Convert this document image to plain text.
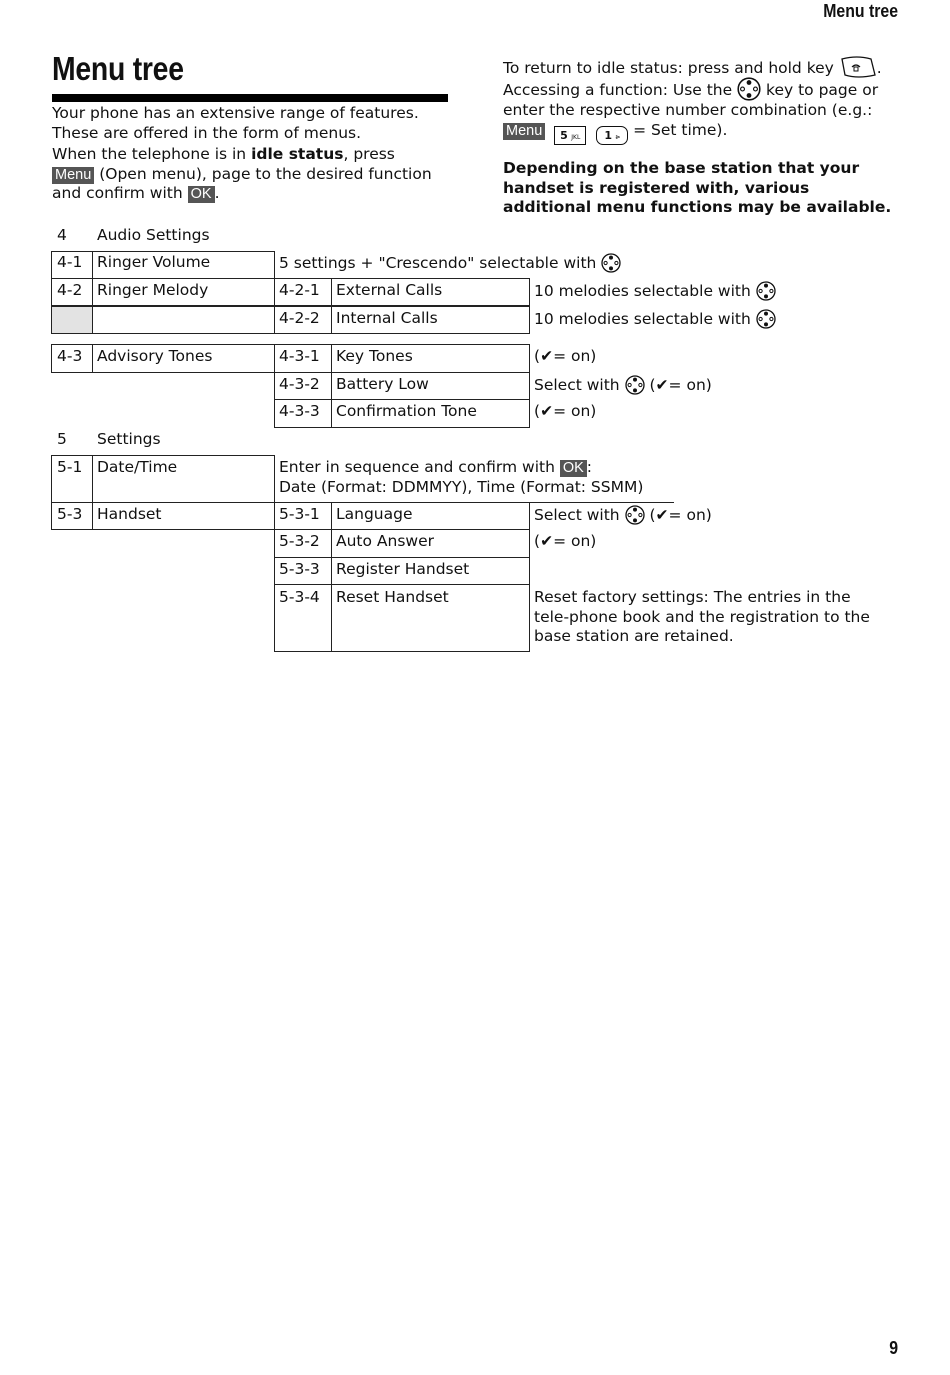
Menu tree
Menu tree
Your phone has an extensive range of features. These are offered in the form of menus.
When the telephone is in idle status, press Menu (Open menu), page to the desired function and confirm with OK .
To return to idle status: press and hold key .
Accessing a function: Use the  key to page or enter the respective number combination (e.g.: Menu 5 JKL 1 ⩺ = Set time).
Depending on the base station that your handset is registered with, various additional menu functions may be available.
4 Audio Settings
4-1 Ringer Volume	5 settings + "Crescendo" selectable with
4-2 Ringer Melody	4-2-1 External Calls	10 melodies selectable with
4-2-2 Internal Calls	10 melodies selectable with
4-3 Advisory Tones	4-3-1 Key Tones	(✔= on)
4-3-2 Battery Low	Select with  (✔= on)
4-3-3 Confirmation Tone	(✔= on)
5 Settings
5-1 Date/Time	Enter in sequence and confirm with OK :
Date (Format: DDMMYY), Time (Format: SSMM)
5-3 Handset	5-3-1 Language	Select with  (✔= on)
5-3-2 Auto Answer	(✔= on)
5-3-3 Register Handset
5-3-4 Reset Handset	Reset factory settings: The entries in the tele-phone book and the registration to the base station are retained.
9
